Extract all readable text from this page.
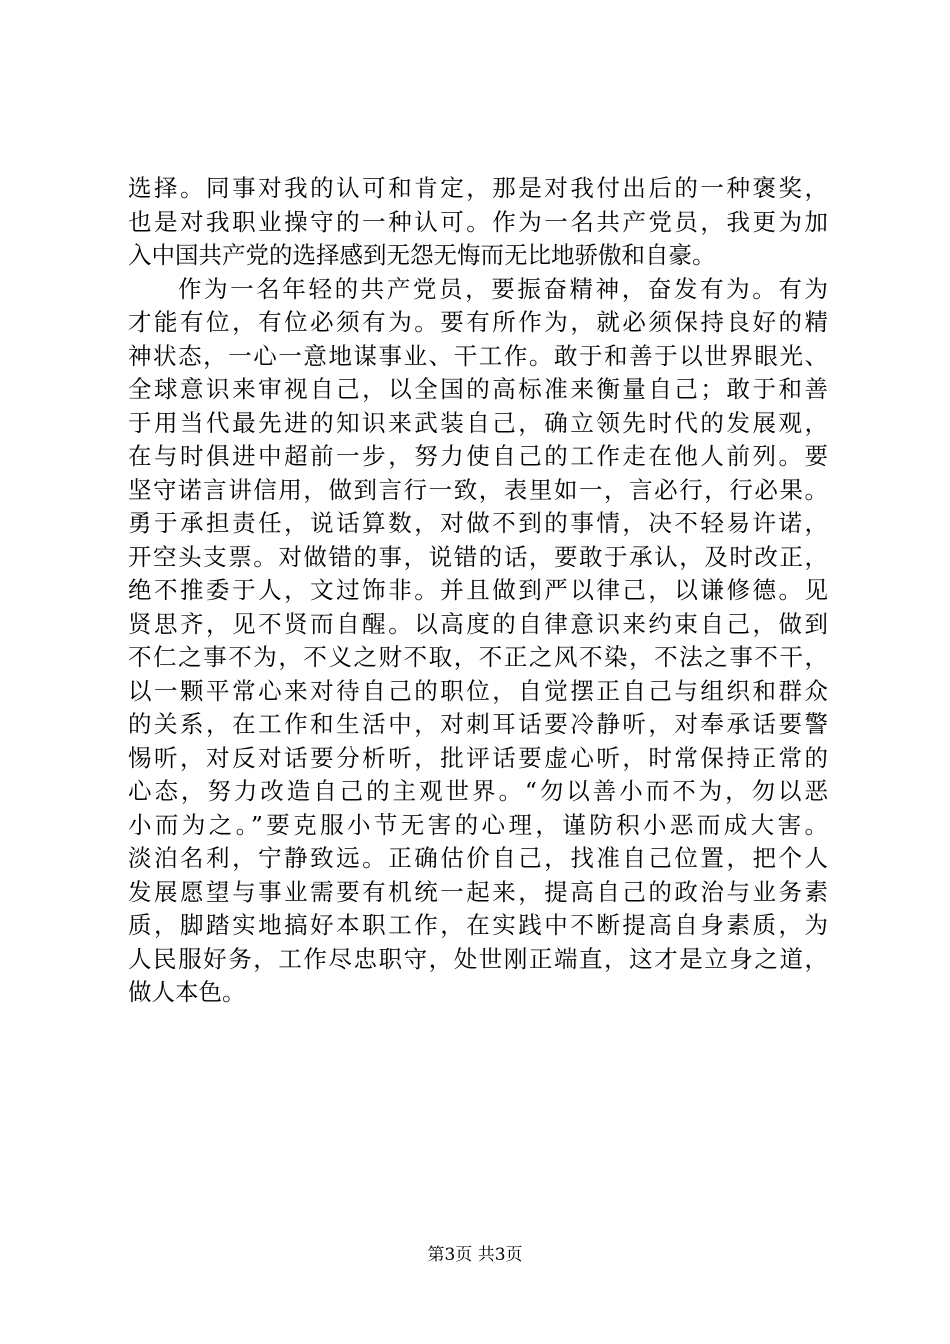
选择。同事对我的认可和肯定，那是对我付出后的一种褒奖，
也是对我职业操守的一种认可。作为一名共产党员，我更为加
入中国共产党的选择感到无怨无悔而无比地骄傲和自豪。
作为一名年轻的共产党员，要振奋精神，奋发有为。有为
才能有位，有位必须有为。要有所作为，就必须保持良好的精
神状态，一心一意地谋事业、干工作。敢于和善于以世界眼光、
全球意识来审视自己，以全国的高标准来衡量自己；敢于和善
于用当代最先进的知识来武装自己，确立领先时代的发展观，
在与时俱进中超前一步，努力使自己的工作走在他人前列。要
坚守诺言讲信用，做到言行一致，表里如一，言必行，行必果。
勇于承担责任，说话算数，对做不到的事情，决不轻易许诺，
开空头支票。对做错的事，说错的话，要敢于承认，及时改正，
绝不推委于人，文过饰非。并且做到严以律己，以谦修德。见
贤思齐，见不贤而自醒。以高度的自律意识来约束自己，做到
不仁之事不为，不义之财不取，不正之风不染，不法之事不干，
以一颗平常心来对待自己的职位，自觉摆正自己与组织和群众
的关系，在工作和生活中，对刺耳话要冷静听，对奉承话要警
惕听，对反对话要分析听，批评话要虚心听，时常保持正常的
心态，努力改造自己的主观世界。“勿以善小而不为，勿以恶
小而为之。”要克服小节无害的心理，谨防积小恶而成大害。
淡泊名利，宁静致远。正确估价自己，找准自己位置，把个人
发展愿望与事业需要有机统一起来，提高自己的政治与业务素
质，脚踏实地搞好本职工作，在实践中不断提高自身素质，为
人民服好务，工作尽忠职守，处世刚正端直，这才是立身之道，
做人本色。
第3页 共3页
